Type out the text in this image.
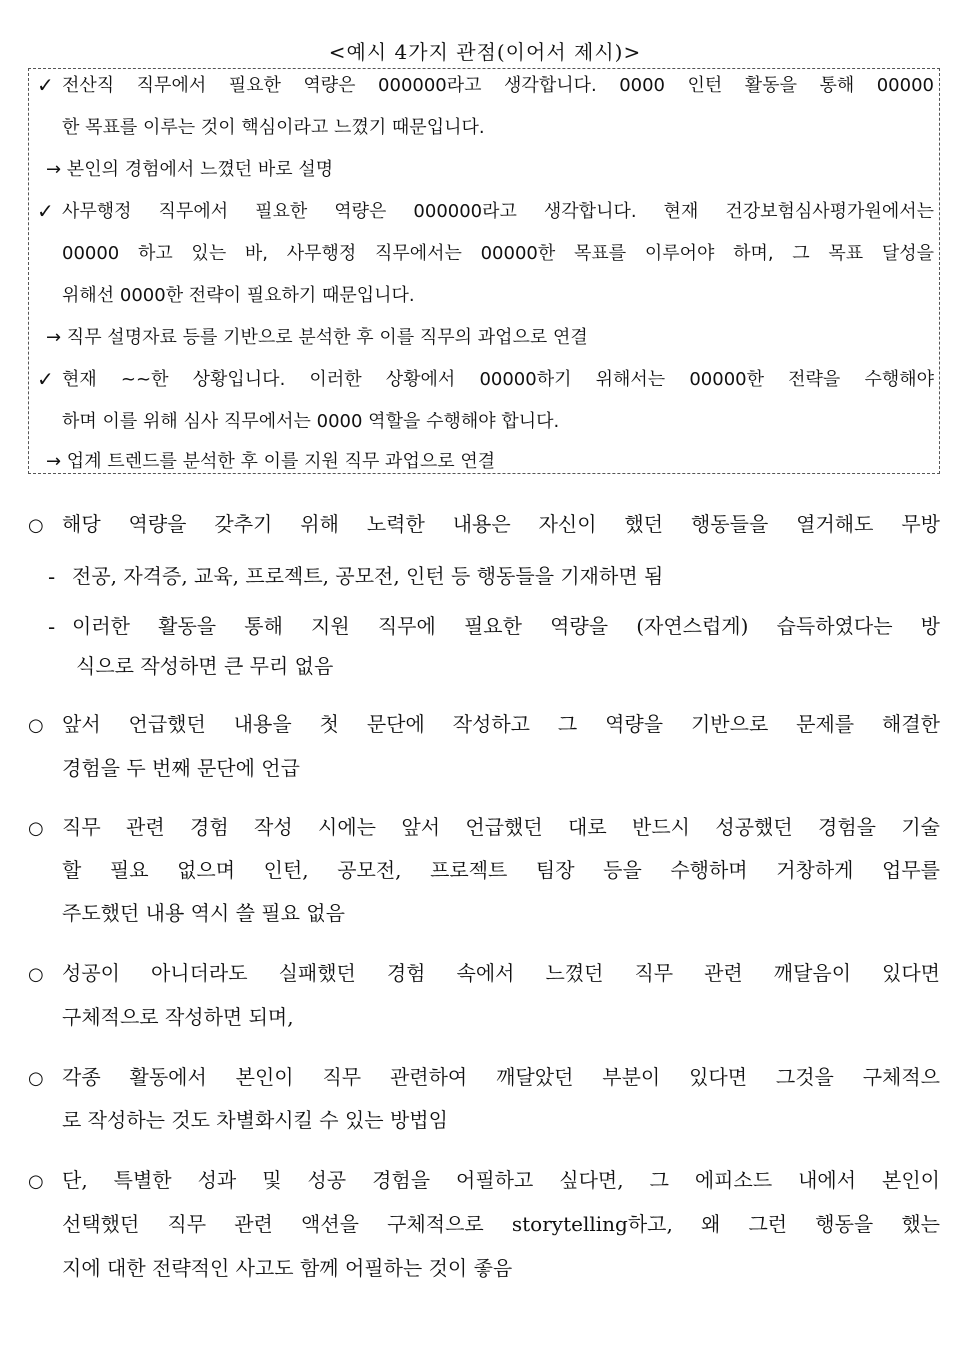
<예시 4가지 관점(이어서 제시)>
✓ 전산직 직무에서 필요한 역량은 000000라고 생각합니다. 0000 인턴 활동을 통해 00000
한 목표를 이루는 것이 핵심이라고 느꼈기 때문입니다.
→ 본인의 경험에서 느꼈던 바로 설명
✓ 사무행정 직무에서 필요한 역량은 000000라고 생각합니다. 현재 건강보험심사평가원에서는
00000 하고 있는 바, 사무행정 직무에서는 00000한 목표를 이루어야 하며, 그 목표 달성을
위해선 0000한 전략이 필요하기 때문입니다.
→ 직무 설명자료 등를 기반으로 분석한 후 이를 직무의 과업으로 연결
✓ 현재 ~~한 상황입니다. 이러한 상황에서 00000하기 위해서는 00000한 전략을 수행해야
하며 이를 위해 심사 직무에서는 0000 역할을 수행해야 합니다.
→ 업계 트렌드를 분석한 후 이를 지원 직무 과업으로 연결
○ 해당 역량을 갖추기 위해 노력한 내용은 자신이 했던 행동들을 열거해도 무방
- 전공, 자격증, 교육, 프로젝트, 공모전, 인턴 등 행동들을 기재하면 됨
- 이러한 활동을 통해 지원 직무에 필요한 역량을 (자연스럽게) 습득하였다는 방
식으로 작성하면 큰 무리 없음
○ 앞서 언급했던 내용을 첫 문단에 작성하고 그 역량을 기반으로 문제를 해결한
경험을 두 번째 문단에 언급
○ 직무 관련 경험 작성 시에는 앞서 언급했던 대로 반드시 성공했던 경험을 기술
할 필요 없으며 인턴, 공모전, 프로젝트 팀장 등을 수행하며 거창하게 업무를
주도했던 내용 역시 쓸 필요 없음
○ 성공이 아니더라도 실패했던 경험 속에서 느꼈던 직무 관련 깨달음이 있다면
구체적으로 작성하면 되며,
○ 각종 활동에서 본인이 직무 관련하여 깨달았던 부분이 있다면 그것을 구체적으
로 작성하는 것도 차별화시킬 수 있는 방법임
○ 단, 특별한 성과 및 성공 경험을 어필하고 싶다면, 그 에피소드 내에서 본인이
선택했던 직무 관련 액션을 구체적으로 storytelling하고, 왜 그런 행동을 했는
지에 대한 전략적인 사고도 함께 어필하는 것이 좋음
